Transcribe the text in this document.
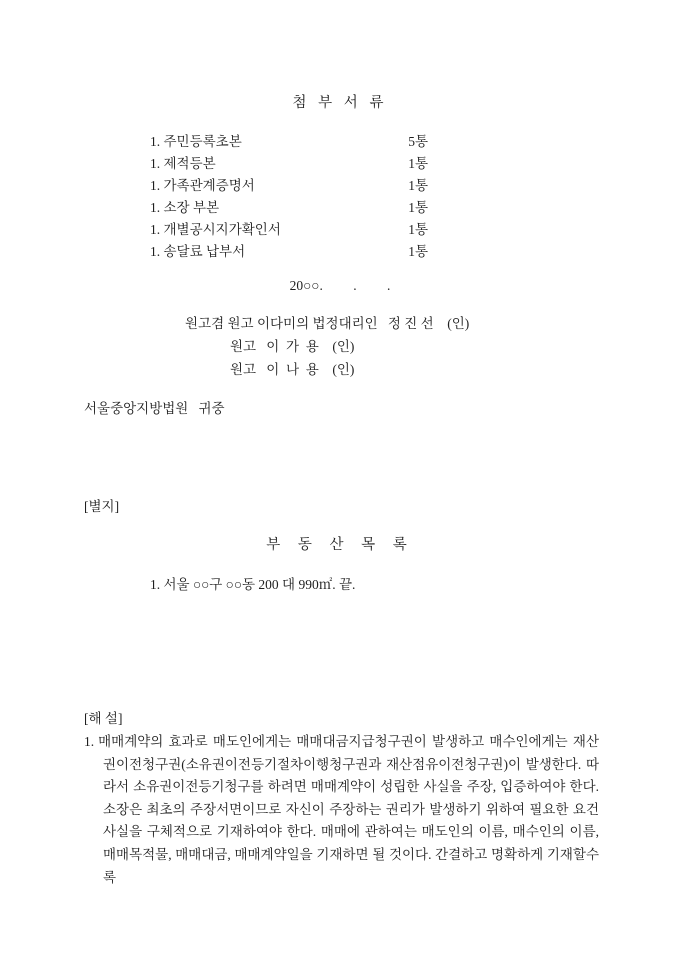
첨 부 서 류
1. 주민등록초본	5통
1. 제적등본	1통
1. 가족관계증명서	1통
1. 소장 부본	1통
1. 개별공시지가확인서	1통
1. 송달료 납부서	1통
20○○.         .         .
원고겸 원고 이다미의 법정대리인   정 진 선    (인)
원고   이  가  용    (인)
원고   이  나  용    (인)
서울중앙지방법원   귀중
[별지]
부 동 산 목 록
1. 서울 ○○구 ○○동 200 대 990㎡. 끝.
[해 설]
1. 매매계약의 효과로 매도인에게는 매매대금지급청구권이 발생하고 매수인에게는 재산권이전청구권(소유권이전등기절차이행청구권과 재산점유이전청구권)이 발생한다. 따라서 소유권이전등기청구를 하려면 매매계약이 성립한 사실을 주장, 입증하여야 한다.소장은 최초의 주장서면이므로 자신이 주장하는 권리가 발생하기 위하여 필요한 요건사실을 구체적으로 기재하여야 한다. 매매에 관하여는 매도인의 이름, 매수인의 이름, 매매목적물, 매매대금, 매매계약일을 기재하면 될 것이다. 간결하고 명확하게 기재할수록
